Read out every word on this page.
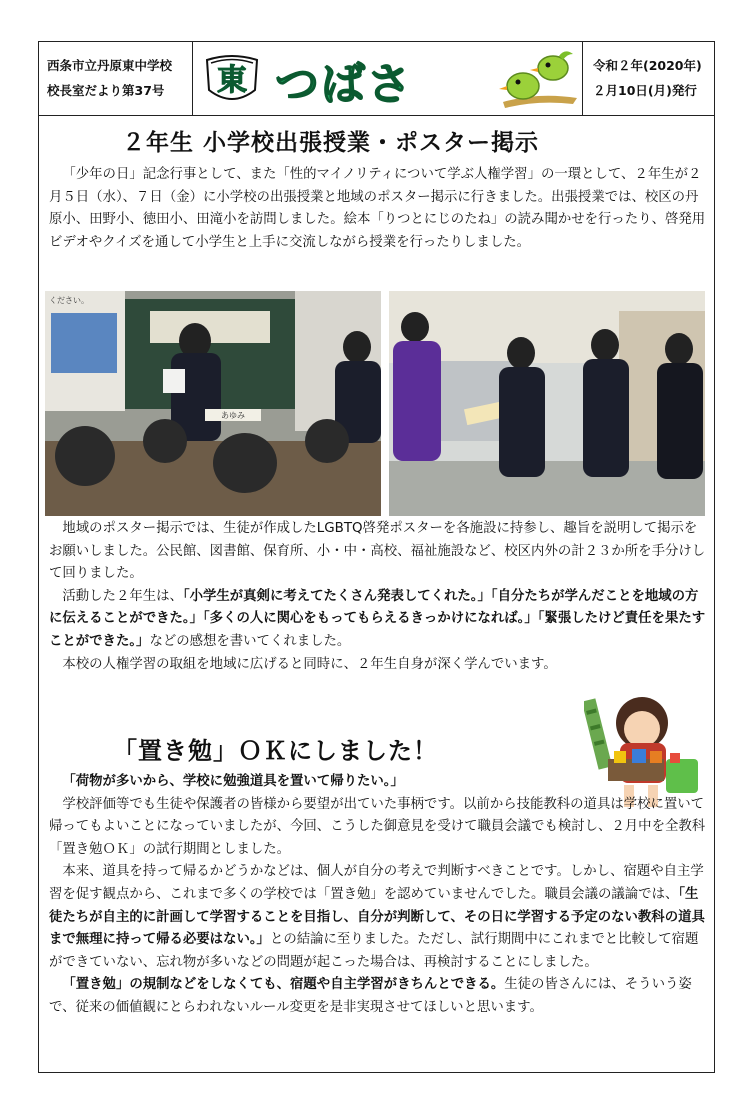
西条市立丹原東中学校
校長室だより第37号	東 つばさ	令和２年(2020年)
２月10日(月)発行
２年生 小学校出張授業・ポスター掲示

「少年の日」記念行事として、また「性的マイノリティについて学ぶ人権学習」の一環として、２年生が２月５日（水）、７日（金）に小学校の出張授業と地域のポスター掲示に行きました。出張授業では、校区の丹原小、田野小、徳田小、田滝小を訪問しました。絵本「りつとにじのたね」の読み聞かせを行ったり、啓発用ビデオやクイズを通して小学生と上手に交流しながら授業を行ったりしました。

あゆみ
ください。

地域のポスター掲示では、生徒が作成したLGBTQ啓発ポスターを各施設に持参し、趣旨を説明して掲示をお願いしました。公民館、図書館、保育所、小・中・高校、福祉施設など、校区内外の計２３か所を手分けして回りました。

活動した２年生は、「小学生が真剣に考えてたくさん発表してくれた。」「自分たちが学んだことを地域の方に伝えることができた。」「多くの人に関心をもってもらえるきっかけになれば。」「緊張したけど責任を果たすことができた。」などの感想を書いてくれました。

本校の人権学習の取組を地域に広げると同時に、２年生自身が深く学んでいます。

「置き勉」ＯＫにしました！

「荷物が多いから、学校に勉強道具を置いて帰りたい。」

学校評価等でも生徒や保護者の皆様から要望が出ていた事柄です。以前から技能教科の道具は学校に置いて帰ってもよいことになっていましたが、今回、こうした御意見を受けて職員会議でも検討し、２月中を全教科「置き勉ＯＫ」の試行期間としました。

本来、道具を持って帰るかどうかなどは、個人が自分の考えで判断すべきことです。しかし、宿題や自主学習を促す観点から、これまで多くの学校では「置き勉」を認めていませんでした。職員会議の議論では、「生徒たちが自主的に計画して学習することを目指し、自分が判断して、その日に学習する予定のない教科の道具まで無理に持って帰る必要はない。」との結論に至りました。ただし、試行期間中にこれまでと比較して宿題ができていない、忘れ物が多いなどの問題が起こった場合は、再検討することにしました。

「置き勉」の規制などをしなくても、宿題や自主学習がきちんとできる。生徒の皆さんには、そういう姿で、従来の価値観にとらわれないルール変更を是非実現させてほしいと思います。
